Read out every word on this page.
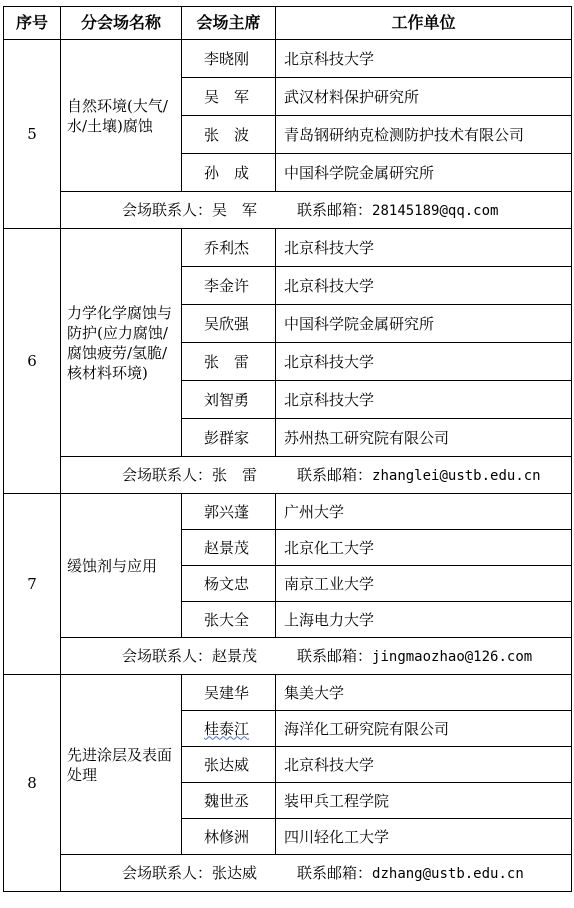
序号	分会场名称	会场主席	工作单位
5	自然环境(大气/水/土壤)腐蚀	李晓刚	北京科技大学
		吴　军	武汉材料保护研究所
		张　波	青岛钢研纳克检测防护技术有限公司
		孙　成	中国科学院金属研究所
	会场联系人：吴　军 联系邮箱：28145189@qq.com		
6	力学化学腐蚀与防护(应力腐蚀/腐蚀疲劳/氢脆/核材料环境)	乔利杰	北京科技大学
		李金许	北京科技大学
		吴欣强	中国科学院金属研究所
		张　雷	北京科技大学
		刘智勇	北京科技大学
		彭群家	苏州热工研究院有限公司
	会场联系人：张　雷 联系邮箱：zhanglei@ustb.edu.cn		
7	缓蚀剂与应用	郭兴蓬	广州大学
		赵景茂	北京化工大学
		杨文忠	南京工业大学
		张大全	上海电力大学
	会场联系人：赵景茂 联系邮箱：jingmaozhao@126.com		
8	先进涂层及表面处理	吴建华	集美大学
		桂泰江	海洋化工研究院有限公司
		张达威	北京科技大学
		魏世丞	装甲兵工程学院
		林修洲	四川轻化工大学
	会场联系人：张达威 联系邮箱：dzhang@ustb.edu.cn		
